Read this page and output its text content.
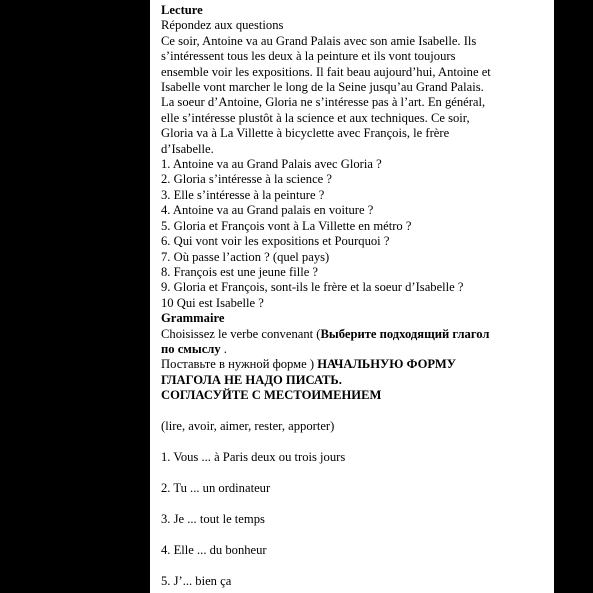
Lecture
Répondez aux questions
Ce soir, Antoine va au Grand Palais avec son amie Isabelle. Ils
s’intéressent tous les deux à la peinture et ils vont toujours
ensemble voir les expositions. Il fait beau aujourd’hui, Antoine et
Isabelle vont marcher le long de la Seine jusqu’au Grand Palais.
La soeur d’Antoine, Gloria ne s’intéresse pas à l’art. En général,
elle s’intéresse plustôt à la science et aux techniques. Ce soir,
Gloria va à La Villette à bicyclette avec François, le frère
d’Isabelle.
1. Antoine va au Grand Palais avec Gloria ?
2. Gloria s’intéresse à la science ?
3. Elle s’intéresse à la peinture ?
4. Antoine va au Grand palais en voiture ?
5. Gloria et François vont à La Villette en métro ?
6. Qui vont voir les expositions et Pourquoi ?
7. Où passe l’action ? (quel pays)
8. François est une jeune fille ?
9. Gloria et François, sont-ils le frère et la soeur d’Isabelle ?
10 Qui est Isabelle ?
Grammaire
Choisissez le verbe convenant (Выберите подходящий глагол
по смыслу .
Поставьте в нужной форме ) НАЧАЛЬНУЮ ФОРМУ
ГЛАГОЛА НЕ НАДО ПИСАТЬ.
СОГЛАСУЙТЕ С МЕСТОИМЕНИЕМ
(lire, avoir, aimer, rester, apporter)
1. Vous ... à Paris deux ou trois jours
2. Tu ... un ordinateur
3. Je ... tout le temps
4. Elle ... du bonheur
5. J’... bien ça
